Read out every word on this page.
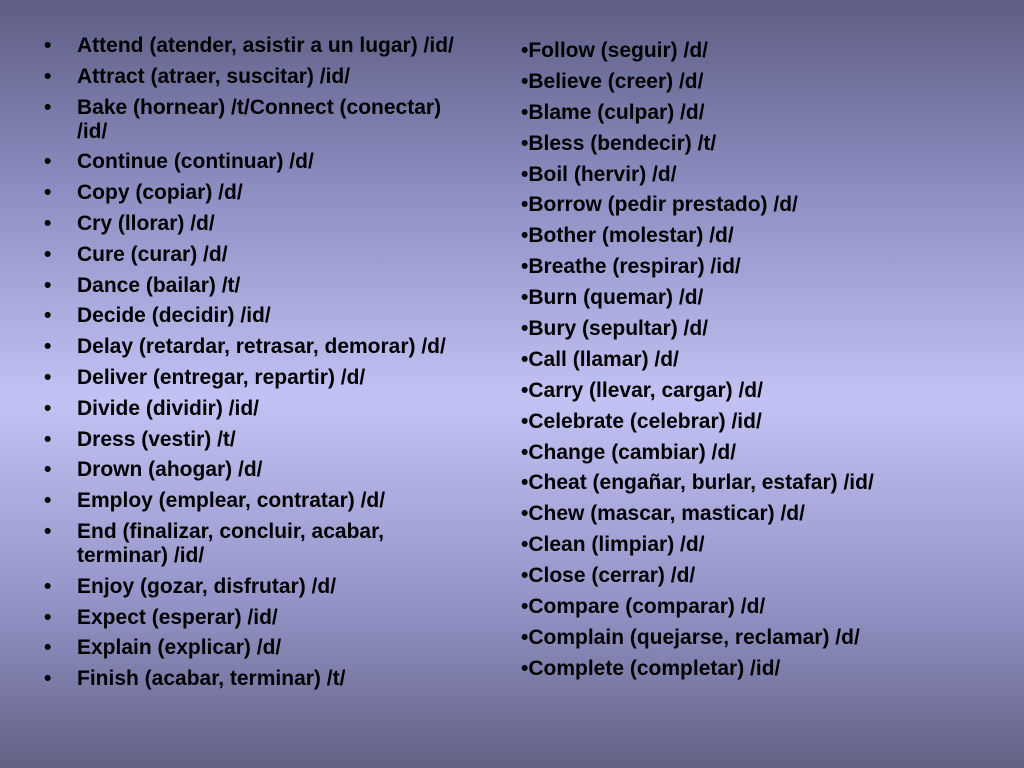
• Attend (atender, asistir a un lugar) /id/
• Attract (atraer, suscitar) /id/
• Bake (hornear) /t/Connect (conectar) /id/
• Continue (continuar) /d/
• Copy (copiar) /d/
• Cry (llorar) /d/
• Cure (curar) /d/
• Dance (bailar) /t/
• Decide (decidir) /id/
• Delay (retardar, retrasar, demorar) /d/
• Deliver (entregar, repartir) /d/
• Divide (dividir) /id/
• Dress (vestir) /t/
• Drown (ahogar) /d/
• Employ (emplear, contratar) /d/
• End (finalizar, concluir, acabar, terminar) /id/
• Enjoy (gozar, disfrutar) /d/
• Expect (esperar) /id/
• Explain (explicar) /d/
• Finish (acabar, terminar) /t/
•Follow (seguir) /d/
•Believe (creer) /d/
•Blame (culpar) /d/
•Bless (bendecir) /t/
•Boil (hervir) /d/
•Borrow (pedir prestado) /d/
•Bother (molestar) /d/
•Breathe (respirar) /id/
•Burn (quemar) /d/
•Bury (sepultar) /d/
•Call (llamar) /d/
•Carry (llevar, cargar) /d/
•Celebrate (celebrar) /id/
•Change (cambiar) /d/
•Cheat (engañar, burlar, estafar) /id/
•Chew (mascar, masticar) /d/
•Clean (limpiar) /d/
•Close (cerrar) /d/
•Compare (comparar) /d/
•Complain (quejarse, reclamar) /d/
•Complete (completar) /id/
